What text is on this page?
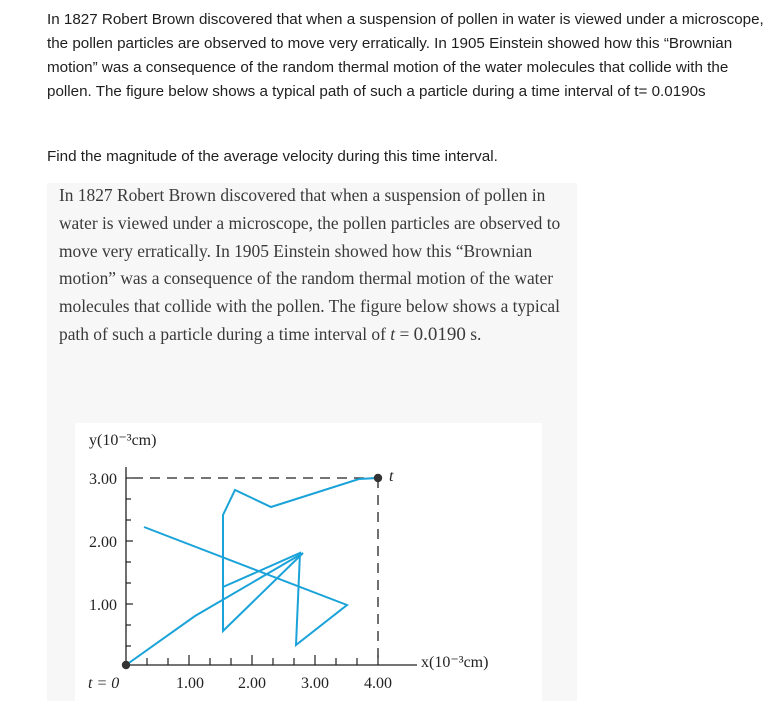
In 1827 Robert Brown discovered that when a suspension of pollen in water is viewed under a microscope, the pollen particles are observed to move very erratically. In 1905 Einstein showed how this “Brownian motion” was a consequence of the random thermal motion of the water molecules that collide with the pollen. The figure below shows a typical path of such a particle during a time interval of t= 0.0190s

Find the magnitude of the average velocity during this time interval.
In 1827 Robert Brown discovered that when a suspension of pollen in water is viewed under a microscope, the pollen particles are observed to move very erratically. In 1905 Einstein showed how this “Brownian motion” was a consequence of the random thermal motion of the water molecules that collide with the pollen. The figure below shows a typical path of such a particle during a time interval of t = 0.0190 s.
y(10⁻³cm)
x(10⁻³cm)
3.00
2.00
1.00
1.00 2.00 3.00 4.00
t = 0
t
